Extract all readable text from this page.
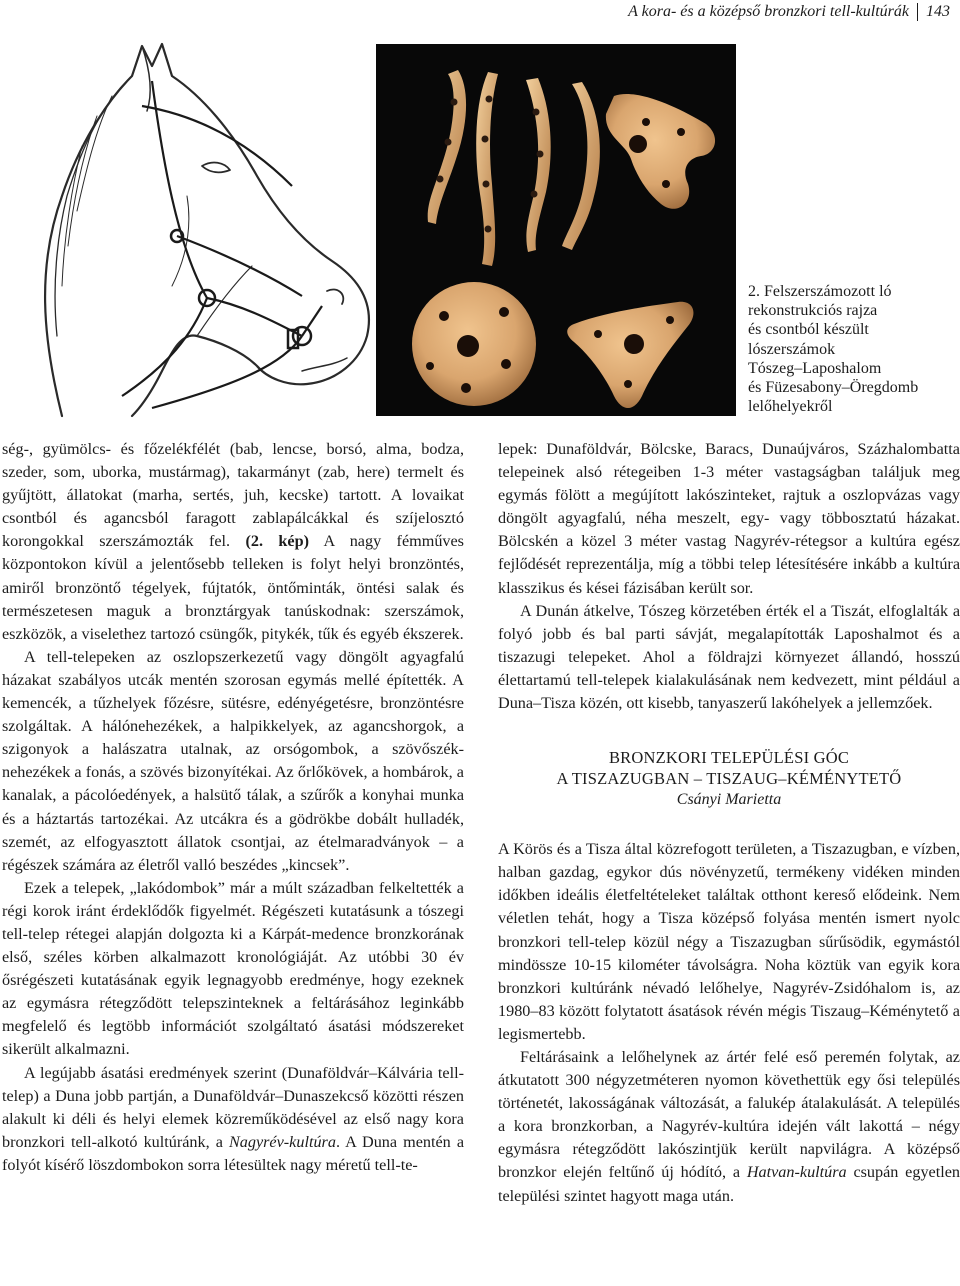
A kora- és a középső bronzkori tell-kultúrák 143
2. Felszerszámozott ló
rekonstrukciós rajza
és csontból készült
lószerszámok
Tószeg–Laposhalom
és Füzesabony–Öregdomb
lelőhelyekről

ség-, gyümölcs- és főzelékfélét (bab, lencse, borsó, alma, bodza, szeder, som, uborka, mustármag), takarmányt (zab, here) termelt és gyűjtött, állatokat (marha, sertés, juh, kecske) tartott. A lovaikat csontból és agancsból faragott zablapálcákkal és szíjelosztó korongokkal szerszámozták fel. (2. kép) A nagy fémműves központokon kívül a jelentősebb telleken is folyt helyi bronzöntés, amiről bronzöntő tégelyek, fújtatók, öntőminták, öntési salak és természetesen maguk a bronztárgyak tanúskodnak: szerszámok, eszközök, a viselethez tartozó csüngők, pitykék, tűk és egyéb ékszerek.

A tell-telepeken az oszlopszerkezetű vagy döngölt agyagfalú házakat szabályos utcák mentén szorosan egymás mellé építették. A kemencék, a tűzhelyek főzésre, sütésre, edényégetésre, bronzöntésre szolgáltak. A hálónehezékek, a halpikkelyek, az agancshorgok, a szigonyok a halászatra utalnak, az orsógombok, a szövőszék-nehezékek a fonás, a szövés bizonyítékai. Az őrlőkövek, a hombárok, a kanalak, a pácolóedények, a halsütő tálak, a szűrők a konyhai munka és a háztartás tartozékai. Az utcákra és a gödrökbe dobált hulladék, szemét, az elfogyasztott állatok csontjai, az ételmaradványok – a régészek számára az életről valló beszédes „kincsek”.

Ezek a telepek, „lakódombok” már a múlt században felkeltették a régi korok iránt érdeklődők figyelmét. Régészeti kutatásunk a tószegi tell-telep rétegei alapján dolgozta ki a Kárpát-medence bronzkorának első, széles körben alkalmazott kronológiáját. Az utóbbi 30 év ősrégészeti kutatásának egyik legnagyobb eredménye, hogy ezeknek az egymásra rétegződött telepszinteknek a feltárásához leginkább megfelelő és legtöbb információt szolgáltató ásatási módszereket sikerült alkalmazni.

A legújabb ásatási eredmények szerint (Dunaföldvár–Kálvária tell-telep) a Duna jobb partján, a Dunaföldvár–Dunaszekcső közötti részen alakult ki déli és helyi elemek közreműködésével az első nagy kora bronzkori tell-alkotó kultúránk, a Nagyrév-kultúra. A Duna mentén a folyót kísérő löszdombokon sorra létesültek nagy méretű tell-te-

lepek: Dunaföldvár, Bölcske, Baracs, Dunaújváros, Százhalombatta telepeinek alsó rétegeiben 1-3 méter vastagságban találjuk meg egymás fölött a megújított lakószinteket, rajtuk a oszlopvázas vagy döngölt agyagfalú, néha meszelt, egy- vagy többosztatú házakat. Bölcskén a közel 3 méter vastag Nagyrév-rétegsor a kultúra egész fejlődését reprezentálja, míg a többi telep létesítésére inkább a kultúra klasszikus és kései fázisában került sor.

A Dunán átkelve, Tószeg körzetében érték el a Tiszát, elfoglalták a folyó jobb és bal parti sávját, megalapították Laposhalmot és a tiszazugi telepeket. Ahol a földrajzi környezet állandó, hosszú élettartamú tell-telepek kialakulásának nem kedvezett, mint például a Duna–Tisza közén, ott kisebb, tanyaszerű lakóhelyek a jellemzőek.

BRONZKORI TELEPÜLÉSI GÓC
A TISZAZUGBAN – TISZAUG–KÉMÉNYTETŐ
Csányi Marietta

A Körös és a Tisza által közrefogott területen, a Tiszazugban, e vízben, halban gazdag, egykor dús növényzetű, termékeny vidéken minden időkben ideális életfeltételeket találtak otthont kereső elődeink. Nem véletlen tehát, hogy a Tisza középső folyása mentén ismert nyolc bronzkori tell-telep közül négy a Tiszazugban sűrűsödik, egymástól mindössze 10-15 kilométer távolságra. Noha köztük van egyik kora bronzkori kultúránk névadó lelőhelye, Nagyrév-Zsidóhalom is, az 1980–83 között folytatott ásatások révén mégis Tiszaug–Kéménytető a legismertebb.

Feltárásaink a lelőhelynek az ártér felé eső peremén folytak, az átkutatott 300 négyzetméteren nyomon követhettük egy ősi település történetét, lakosságának változását, a falukép átalakulását. A település a kora bronzkorban, a Nagyrév-kultúra idején vált lakottá – négy egymásra rétegződött lakószintjük került napvilágra. A középső bronzkor elején feltűnő új hódító, a Hatvan-kultúra csupán egyetlen települési szintet hagyott maga után.
